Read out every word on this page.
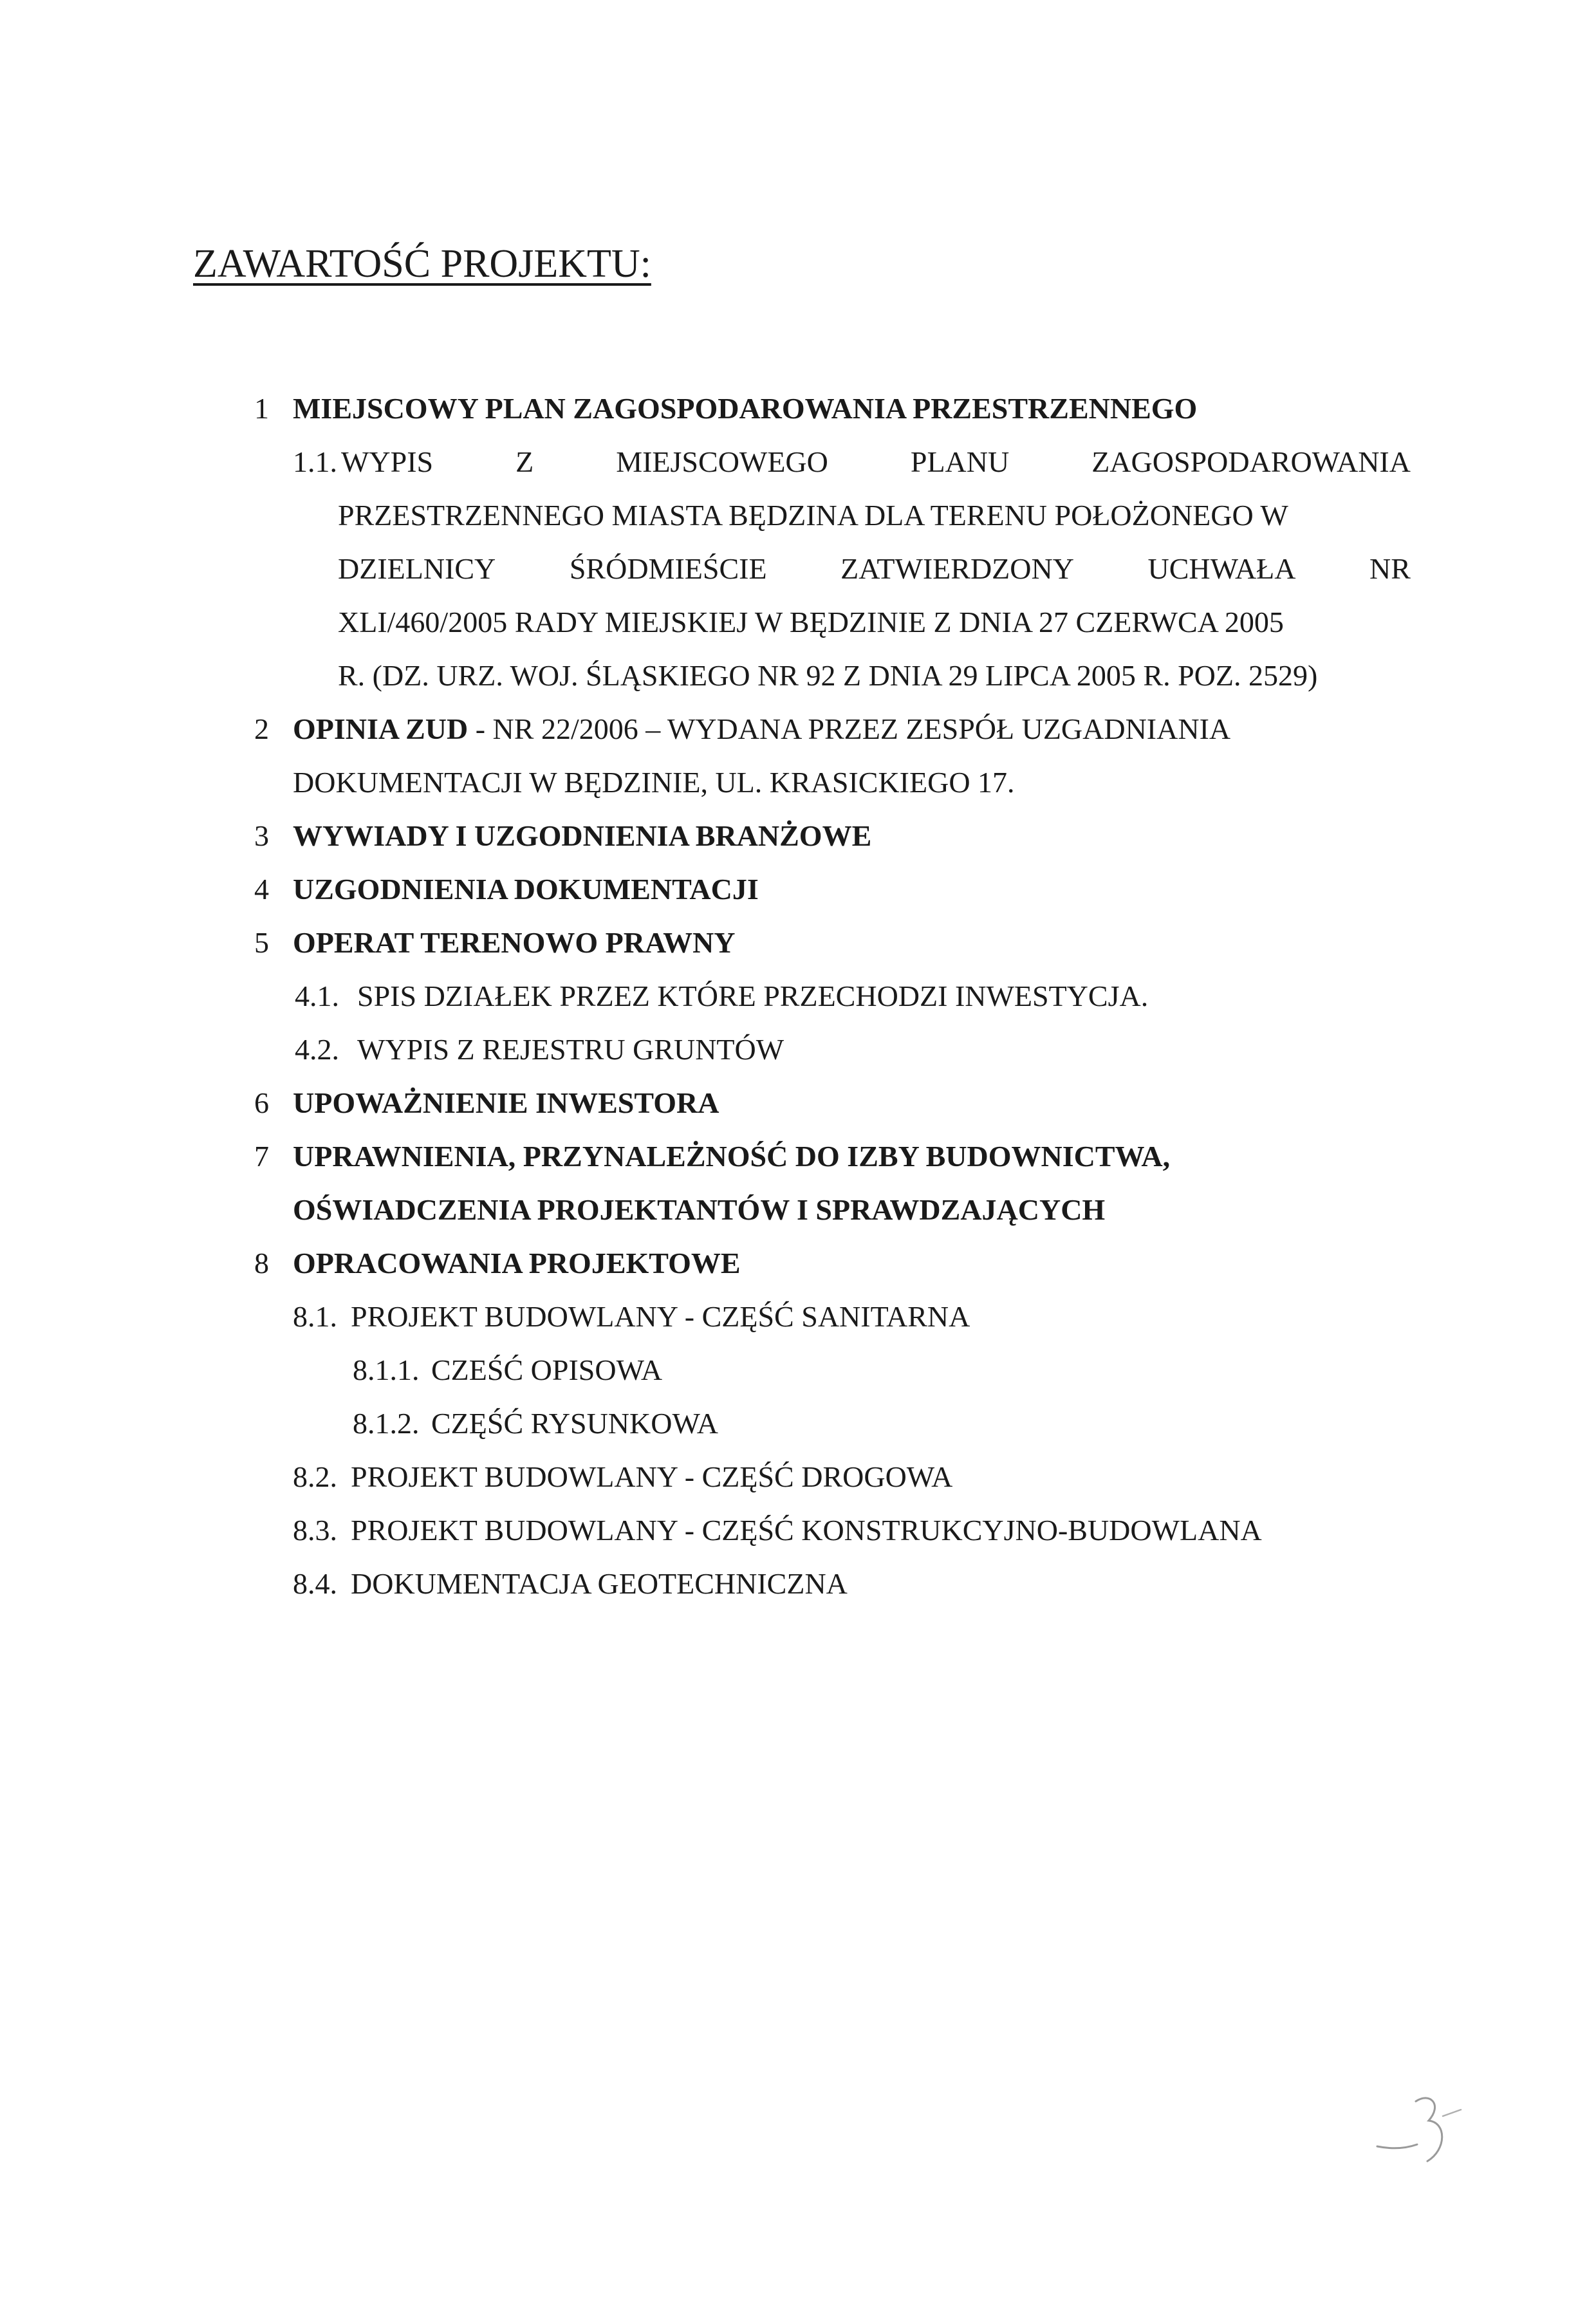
ZAWARTOŚĆ PROJEKTU:
1 MIEJSCOWY PLAN ZAGOSPODAROWANIA PRZESTRZENNEGO
1.1. WYPIS	Z	MIEJSCOWEGO	PLANU	ZAGOSPODAROWANIA
PRZESTRZENNEGO MIASTA BĘDZINA DLA TERENU POŁOŻONEGO W
DZIELNICY ŚRÓDMIEŚCIE ZATWIERDZONY UCHWAŁA NR
XLI/460/2005 RADY MIEJSKIEJ W BĘDZINIE Z DNIA 27 CZERWCA 2005
R. (DZ. URZ. WOJ. ŚLĄSKIEGO NR 92 Z DNIA 29 LIPCA 2005 R. POZ. 2529)
2 OPINIA ZUD - NR 22/2006 – WYDANA PRZEZ ZESPÓŁ UZGADNIANIA
DOKUMENTACJI W BĘDZINIE, UL. KRASICKIEGO 17.
3 WYWIADY I UZGODNIENIA BRANŻOWE
4 UZGODNIENIA DOKUMENTACJI
5 OPERAT TERENOWO PRAWNY
4.1. SPIS DZIAŁEK PRZEZ KTÓRE PRZECHODZI INWESTYCJA.
4.2. WYPIS Z REJESTRU GRUNTÓW
6 UPOWAŻNIENIE INWESTORA
7 UPRAWNIENIA, PRZYNALEŻNOŚĆ DO IZBY BUDOWNICTWA,
OŚWIADCZENIA PROJEKTANTÓW I SPRAWDZAJĄCYCH
8 OPRACOWANIA PROJEKTOWE
8.1. PROJEKT BUDOWLANY - CZĘŚĆ SANITARNA
8.1.1. CZEŚĆ OPISOWA
8.1.2. CZĘŚĆ RYSUNKOWA
8.2. PROJEKT BUDOWLANY - CZĘŚĆ DROGOWA
8.3. PROJEKT BUDOWLANY - CZĘŚĆ KONSTRUKCYJNO-BUDOWLANA
8.4. DOKUMENTACJA GEOTECHNICZNA
